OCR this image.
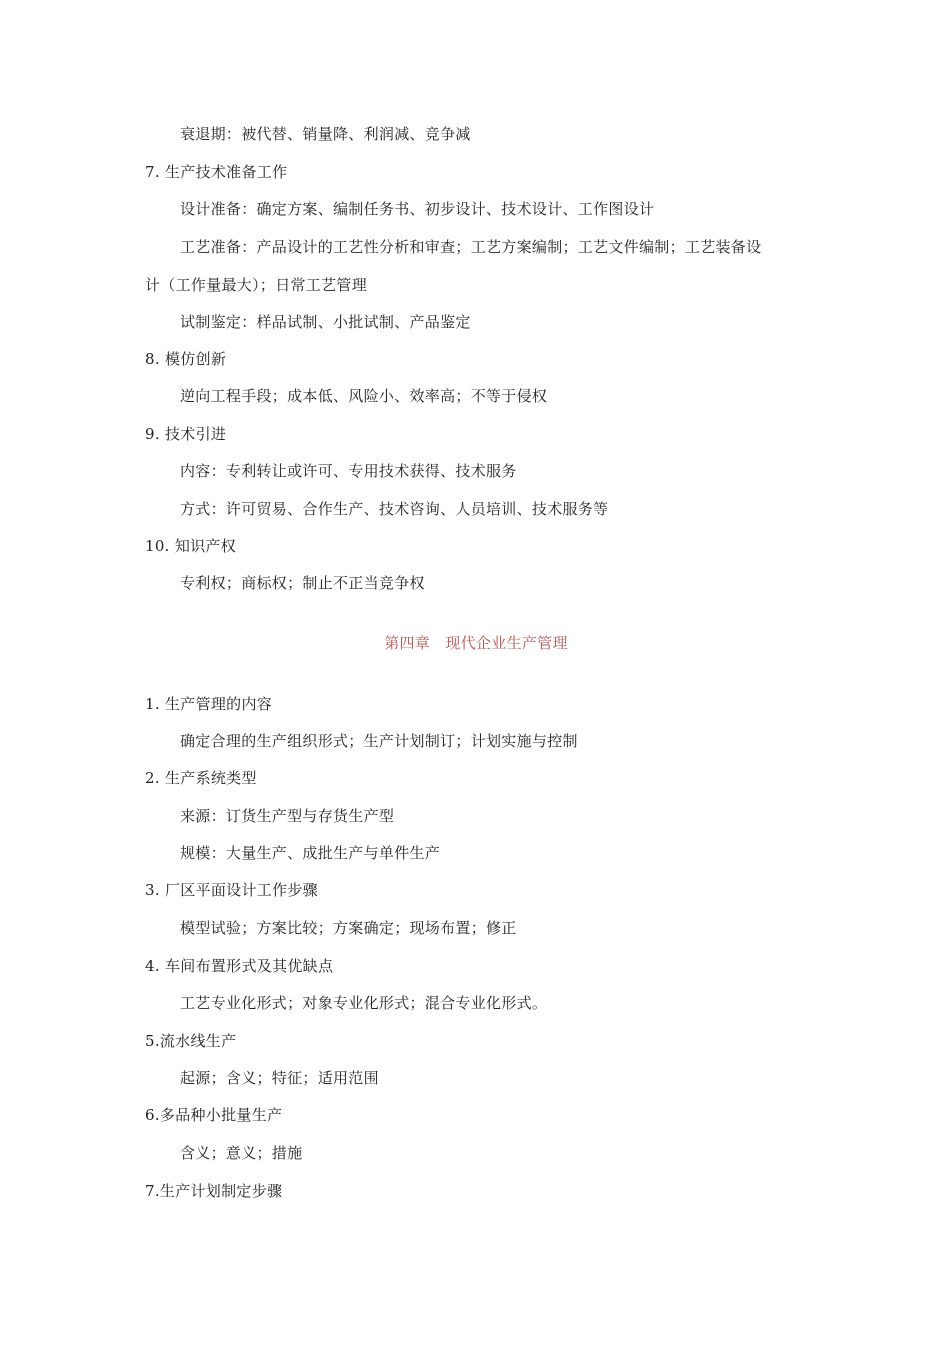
衰退期：被代替、销量降、利润减、竞争减
7. 生产技术准备工作
设计准备：确定方案、编制任务书、初步设计、技术设计、工作图设计
工艺准备：产品设计的工艺性分析和审查；工艺方案编制；工艺文件编制；工艺装备设
计（工作量最大）；日常工艺管理
试制鉴定：样品试制、小批试制、产品鉴定
8. 模仿创新
逆向工程手段；成本低、风险小、效率高；不等于侵权
9. 技术引进
内容：专利转让或许可、专用技术获得、技术服务
方式：许可贸易、合作生产、技术咨询、人员培训、技术服务等
10. 知识产权
专利权；商标权；制止不正当竞争权
第四章　现代企业生产管理
1. 生产管理的内容
确定合理的生产组织形式；生产计划制订；计划实施与控制
2. 生产系统类型
来源：订货生产型与存货生产型
规模：大量生产、成批生产与单件生产
3. 厂区平面设计工作步骤
模型试验；方案比较；方案确定；现场布置；修正
4. 车间布置形式及其优缺点
工艺专业化形式；对象专业化形式；混合专业化形式。
5.流水线生产
起源；含义；特征；适用范围
6.多品种小批量生产
含义；意义；措施
7.生产计划制定步骤
